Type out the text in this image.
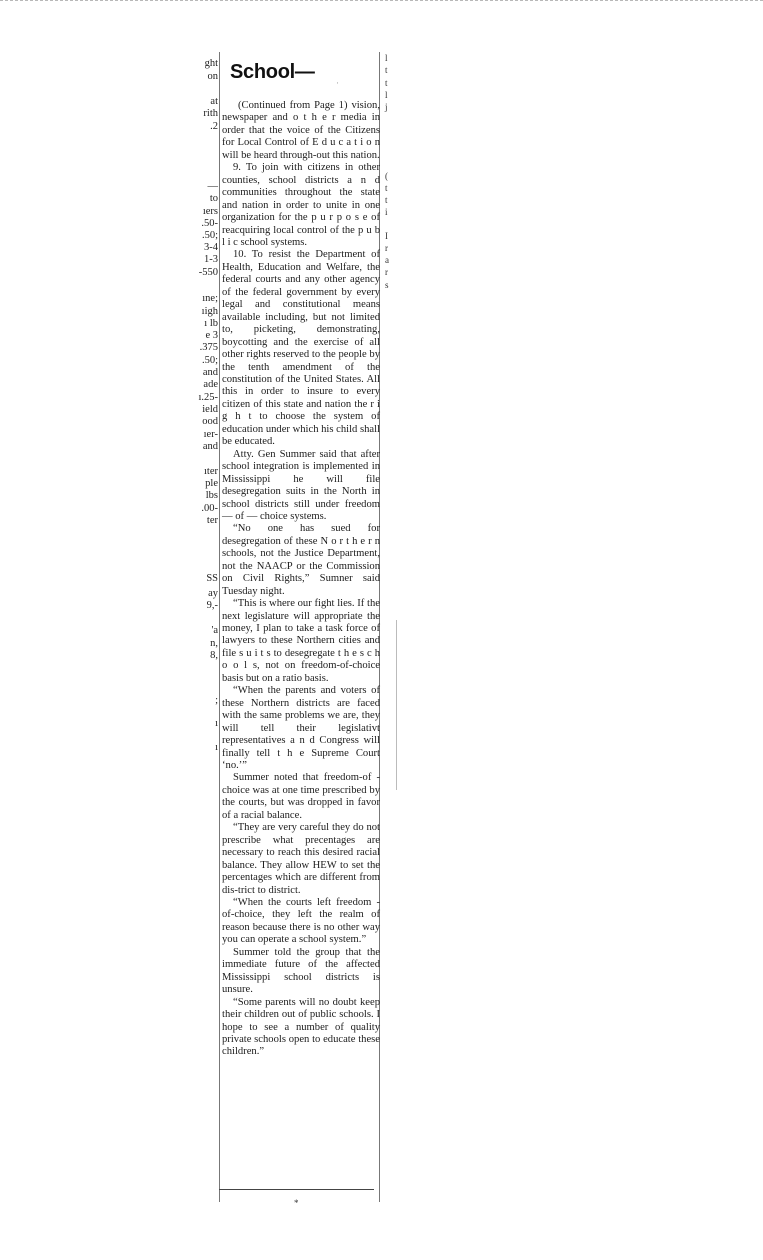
ght
on
at
rith
.2
—
to
ıers
.50-
.50;
3-4
1-3
-550
ıne;
ıigh
ı lb
e 3
.375
.50;
and
ade
ı.25-
ield
ood
ıer-
and
ıter
ple
lbs
.00-
ter
SS
ay
9,-
'a
n,
8,
;
ı
ı
School—

(Continued from Page 1) vision, newspaper and o t h e r media in order that the voice of the Citizens for Local Control of E d u c a t i o n will be heard through-out this nation.

9. To join with citizens in other counties, school districts a n d communities throughout the state and nation in order to unite in one organization for the p u r p o s e of reacquiring local control of the p u b l i c school systems.

10. To resist the Department of Health, Education and Welfare, the federal courts and any other agency of the federal government by every legal and constitutional means available including, but not limited to, picketing, demonstrating, boycotting and the exercise of all other rights reserved to the people by the tenth amendment of the constitution of the United States. All this in order to insure to every citizen of this state and nation the r i g h t to choose the system of education under which his child shall be educated.

Atty. Gen Summer said that after school integration is implemented in Mississippi he will file desegregation suits in the North in school districts still under freedom — of — choice systems.

“No one has sued for desegregation of these N o r t h e r n schools, not the Justice Department, not the NAACP or the Commission on Civil Rights,” Sumner said Tuesday night.

“This is where our fight lies. If the next legislature will appropriate the money, I plan to take a task force of lawyers to these Northern cities and file s u i t s to desegregate t h e s c h o o l s, not on freedom-of-choice basis but on a ratio basis.

“When the parents and voters of these Northern districts are faced with the same problems we are, they will tell their legislativt representatives a n d Congress will finally tell t h e Supreme Court ‘no.’”

Summer noted that freedom-of - choice was at one time prescribed by the courts, but was dropped in favor of a racial balance.

“They are very careful they do not prescribe what precentages are necessary to reach this desired racial balance. They allow HEW to set the percentages which are different from dis-trict to district.

“When the courts left freedom -of-choice, they left the realm of reason because there is no other way you can operate a school system.”

Summer told the group that the immediate future of the affected Mississippi school districts is unsure.

“Some parents will no doubt keep their children out of public schools. I hope to see a number of quality private schools open to educate these children.”

*
l
t
t
l
j
(
t
t
i
I
r
a
r
s
·
